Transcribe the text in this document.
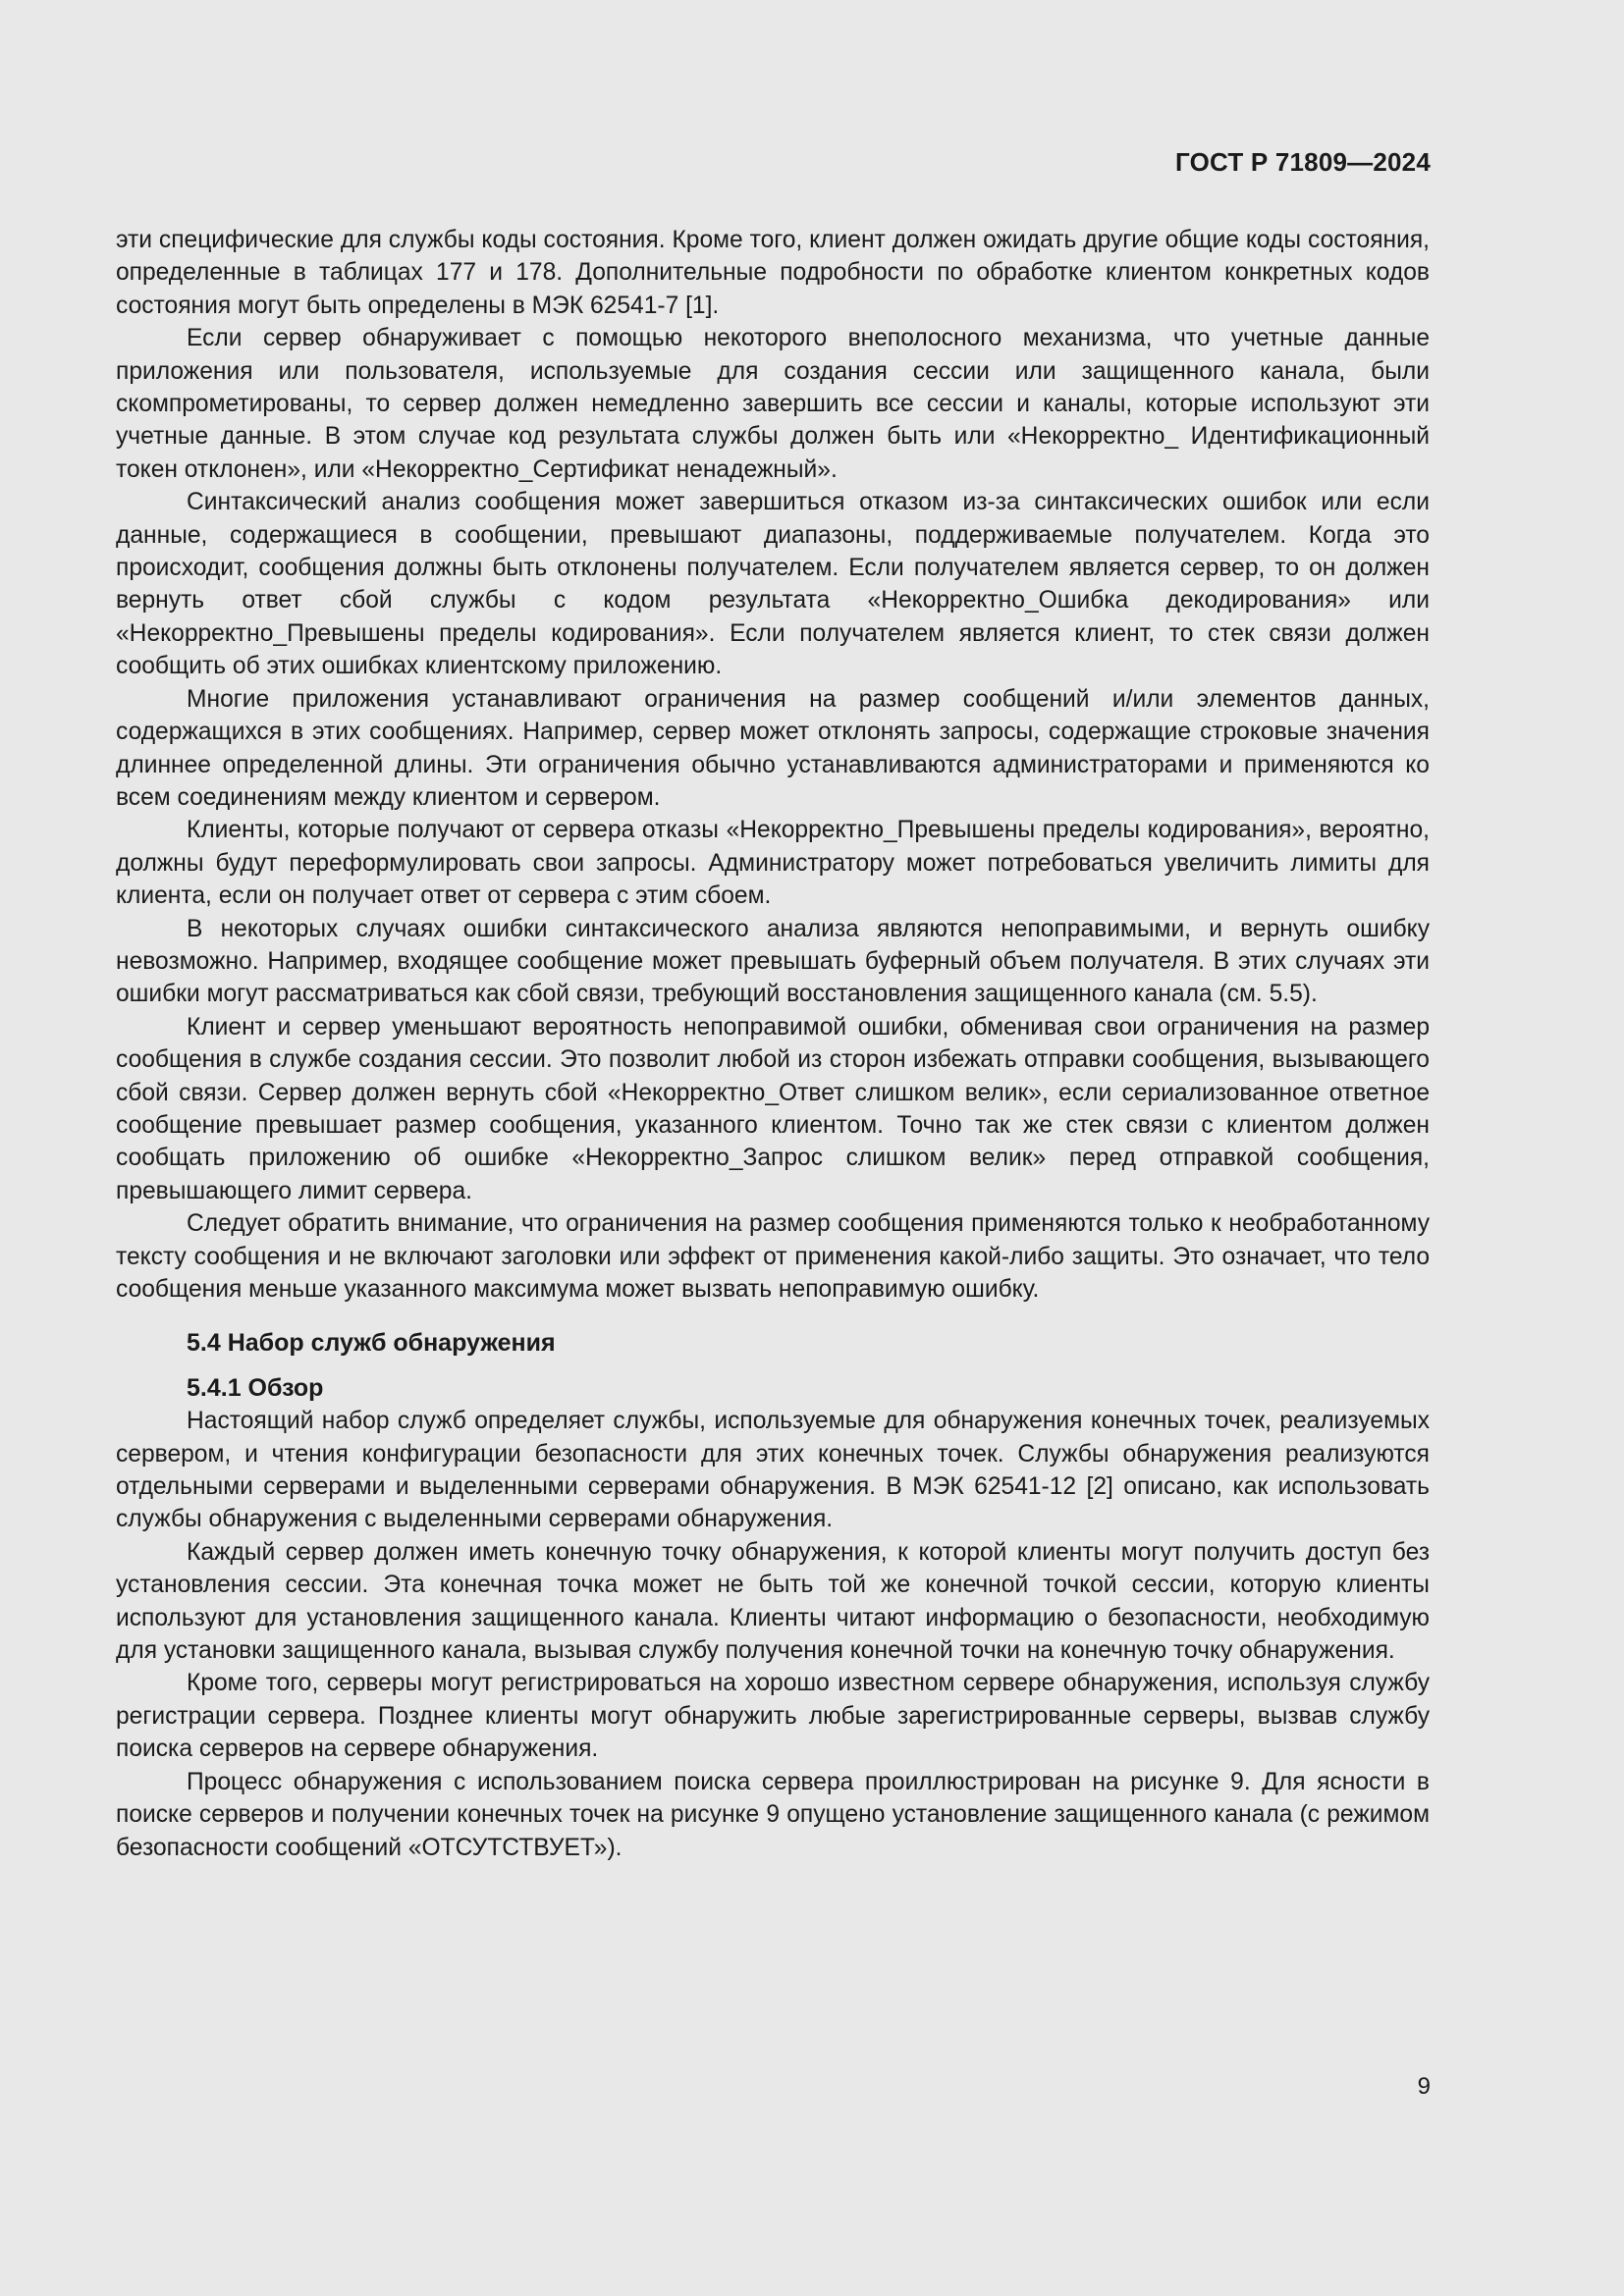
ГОСТ Р 71809—2024

эти специфические для службы коды состояния. Кроме того, клиент должен ожидать другие общие коды состояния, определенные в таблицах 177 и 178. Дополнительные подробности по обработке клиентом конкретных кодов состояния могут быть определены в МЭК 62541-7 [1].

Если сервер обнаруживает с помощью некоторого внеполосного механизма, что учетные данные приложения или пользователя, используемые для создания сессии или защищенного канала, были скомпрометированы, то сервер должен немедленно завершить все сессии и каналы, которые используют эти учетные данные. В этом случае код результата службы должен быть или «Некорректно_ Идентификационный токен отклонен», или «Некорректно_Сертификат ненадежный».

Синтаксический анализ сообщения может завершиться отказом из-за синтаксических ошибок или если данные, содержащиеся в сообщении, превышают диапазоны, поддерживаемые получателем. Когда это происходит, сообщения должны быть отклонены получателем. Если получателем является сервер, то он должен вернуть ответ сбой службы с кодом результата «Некорректно_Ошибка декодирования» или «Некорректно_Превышены пределы кодирования». Если получателем является клиент, то стек связи должен сообщить об этих ошибках клиентскому приложению.

Многие приложения устанавливают ограничения на размер сообщений и/или элементов данных, содержащихся в этих сообщениях. Например, сервер может отклонять запросы, содержащие строковые значения длиннее определенной длины. Эти ограничения обычно устанавливаются администраторами и применяются ко всем соединениям между клиентом и сервером.

Клиенты, которые получают от сервера отказы «Некорректно_Превышены пределы кодирования», вероятно, должны будут переформулировать свои запросы. Администратору может потребоваться увеличить лимиты для клиента, если он получает ответ от сервера с этим сбоем.

В некоторых случаях ошибки синтаксического анализа являются непоправимыми, и вернуть ошибку невозможно. Например, входящее сообщение может превышать буферный объем получателя. В этих случаях эти ошибки могут рассматриваться как сбой связи, требующий восстановления защищенного канала (см. 5.5).

Клиент и сервер уменьшают вероятность непоправимой ошибки, обменивая свои ограничения на размер сообщения в службе создания сессии. Это позволит любой из сторон избежать отправки сообщения, вызывающего сбой связи. Сервер должен вернуть сбой «Некорректно_Ответ слишком велик», если сериализованное ответное сообщение превышает размер сообщения, указанного клиентом. Точно так же стек связи с клиентом должен сообщать приложению об ошибке «Некорректно_Запрос слишком велик» перед отправкой сообщения, превышающего лимит сервера.

Следует обратить внимание, что ограничения на размер сообщения применяются только к необработанному тексту сообщения и не включают заголовки или эффект от применения какой-либо защиты. Это означает, что тело сообщения меньше указанного максимума может вызвать непоправимую ошибку.

5.4 Набор служб обнаружения
5.4.1 Обзор

Настоящий набор служб определяет службы, используемые для обнаружения конечных точек, реализуемых сервером, и чтения конфигурации безопасности для этих конечных точек. Службы обнаружения реализуются отдельными серверами и выделенными серверами обнаружения. В МЭК 62541-12 [2] описано, как использовать службы обнаружения с выделенными серверами обнаружения.

Каждый сервер должен иметь конечную точку обнаружения, к которой клиенты могут получить доступ без установления сессии. Эта конечная точка может не быть той же конечной точкой сессии, которую клиенты используют для установления защищенного канала. Клиенты читают информацию о безопасности, необходимую для установки защищенного канала, вызывая службу получения конечной точки на конечную точку обнаружения.

Кроме того, серверы могут регистрироваться на хорошо известном сервере обнаружения, используя службу регистрации сервера. Позднее клиенты могут обнаружить любые зарегистрированные серверы, вызвав службу поиска серверов на сервере обнаружения.

Процесс обнаружения с использованием поиска сервера проиллюстрирован на рисунке 9. Для ясности в поиске серверов и получении конечных точек на рисунке 9 опущено установление защищенного канала (с режимом безопасности сообщений «ОТСУТСТВУЕТ»).

9
